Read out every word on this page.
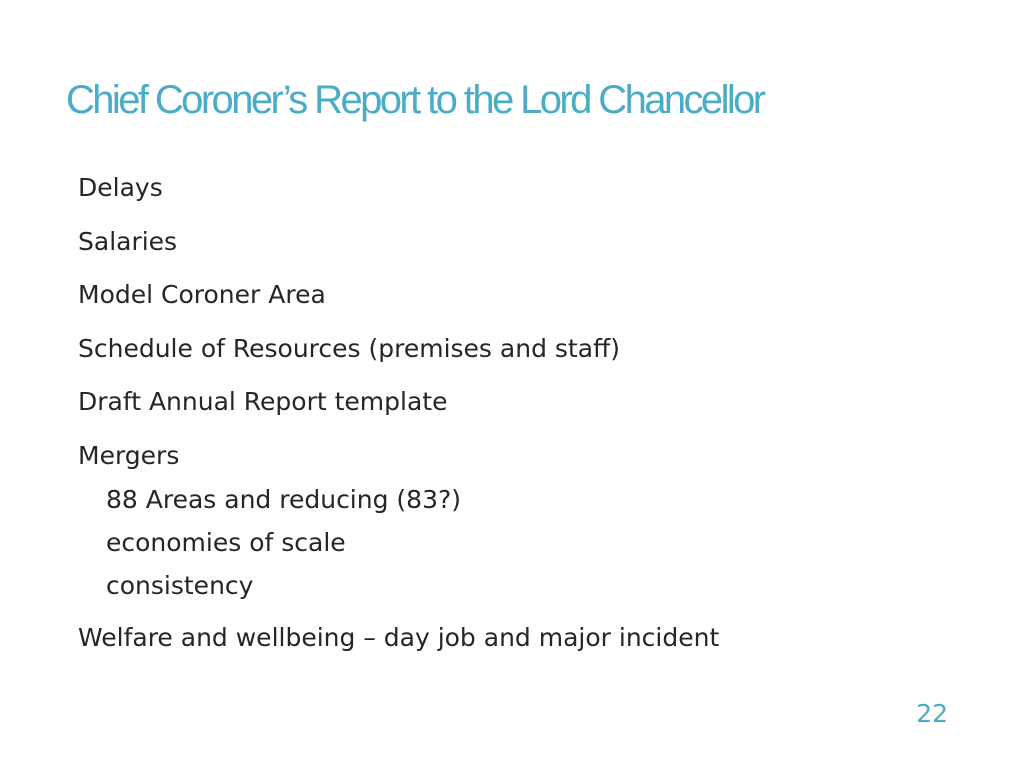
Chief Coroner’s Report to the Lord Chancellor
Delays
Salaries
Model Coroner Area
Schedule of Resources (premises and staff)
Draft Annual Report template
Mergers
88 Areas and reducing (83?)
economies of scale
consistency
Welfare and wellbeing – day job and major incident
22
